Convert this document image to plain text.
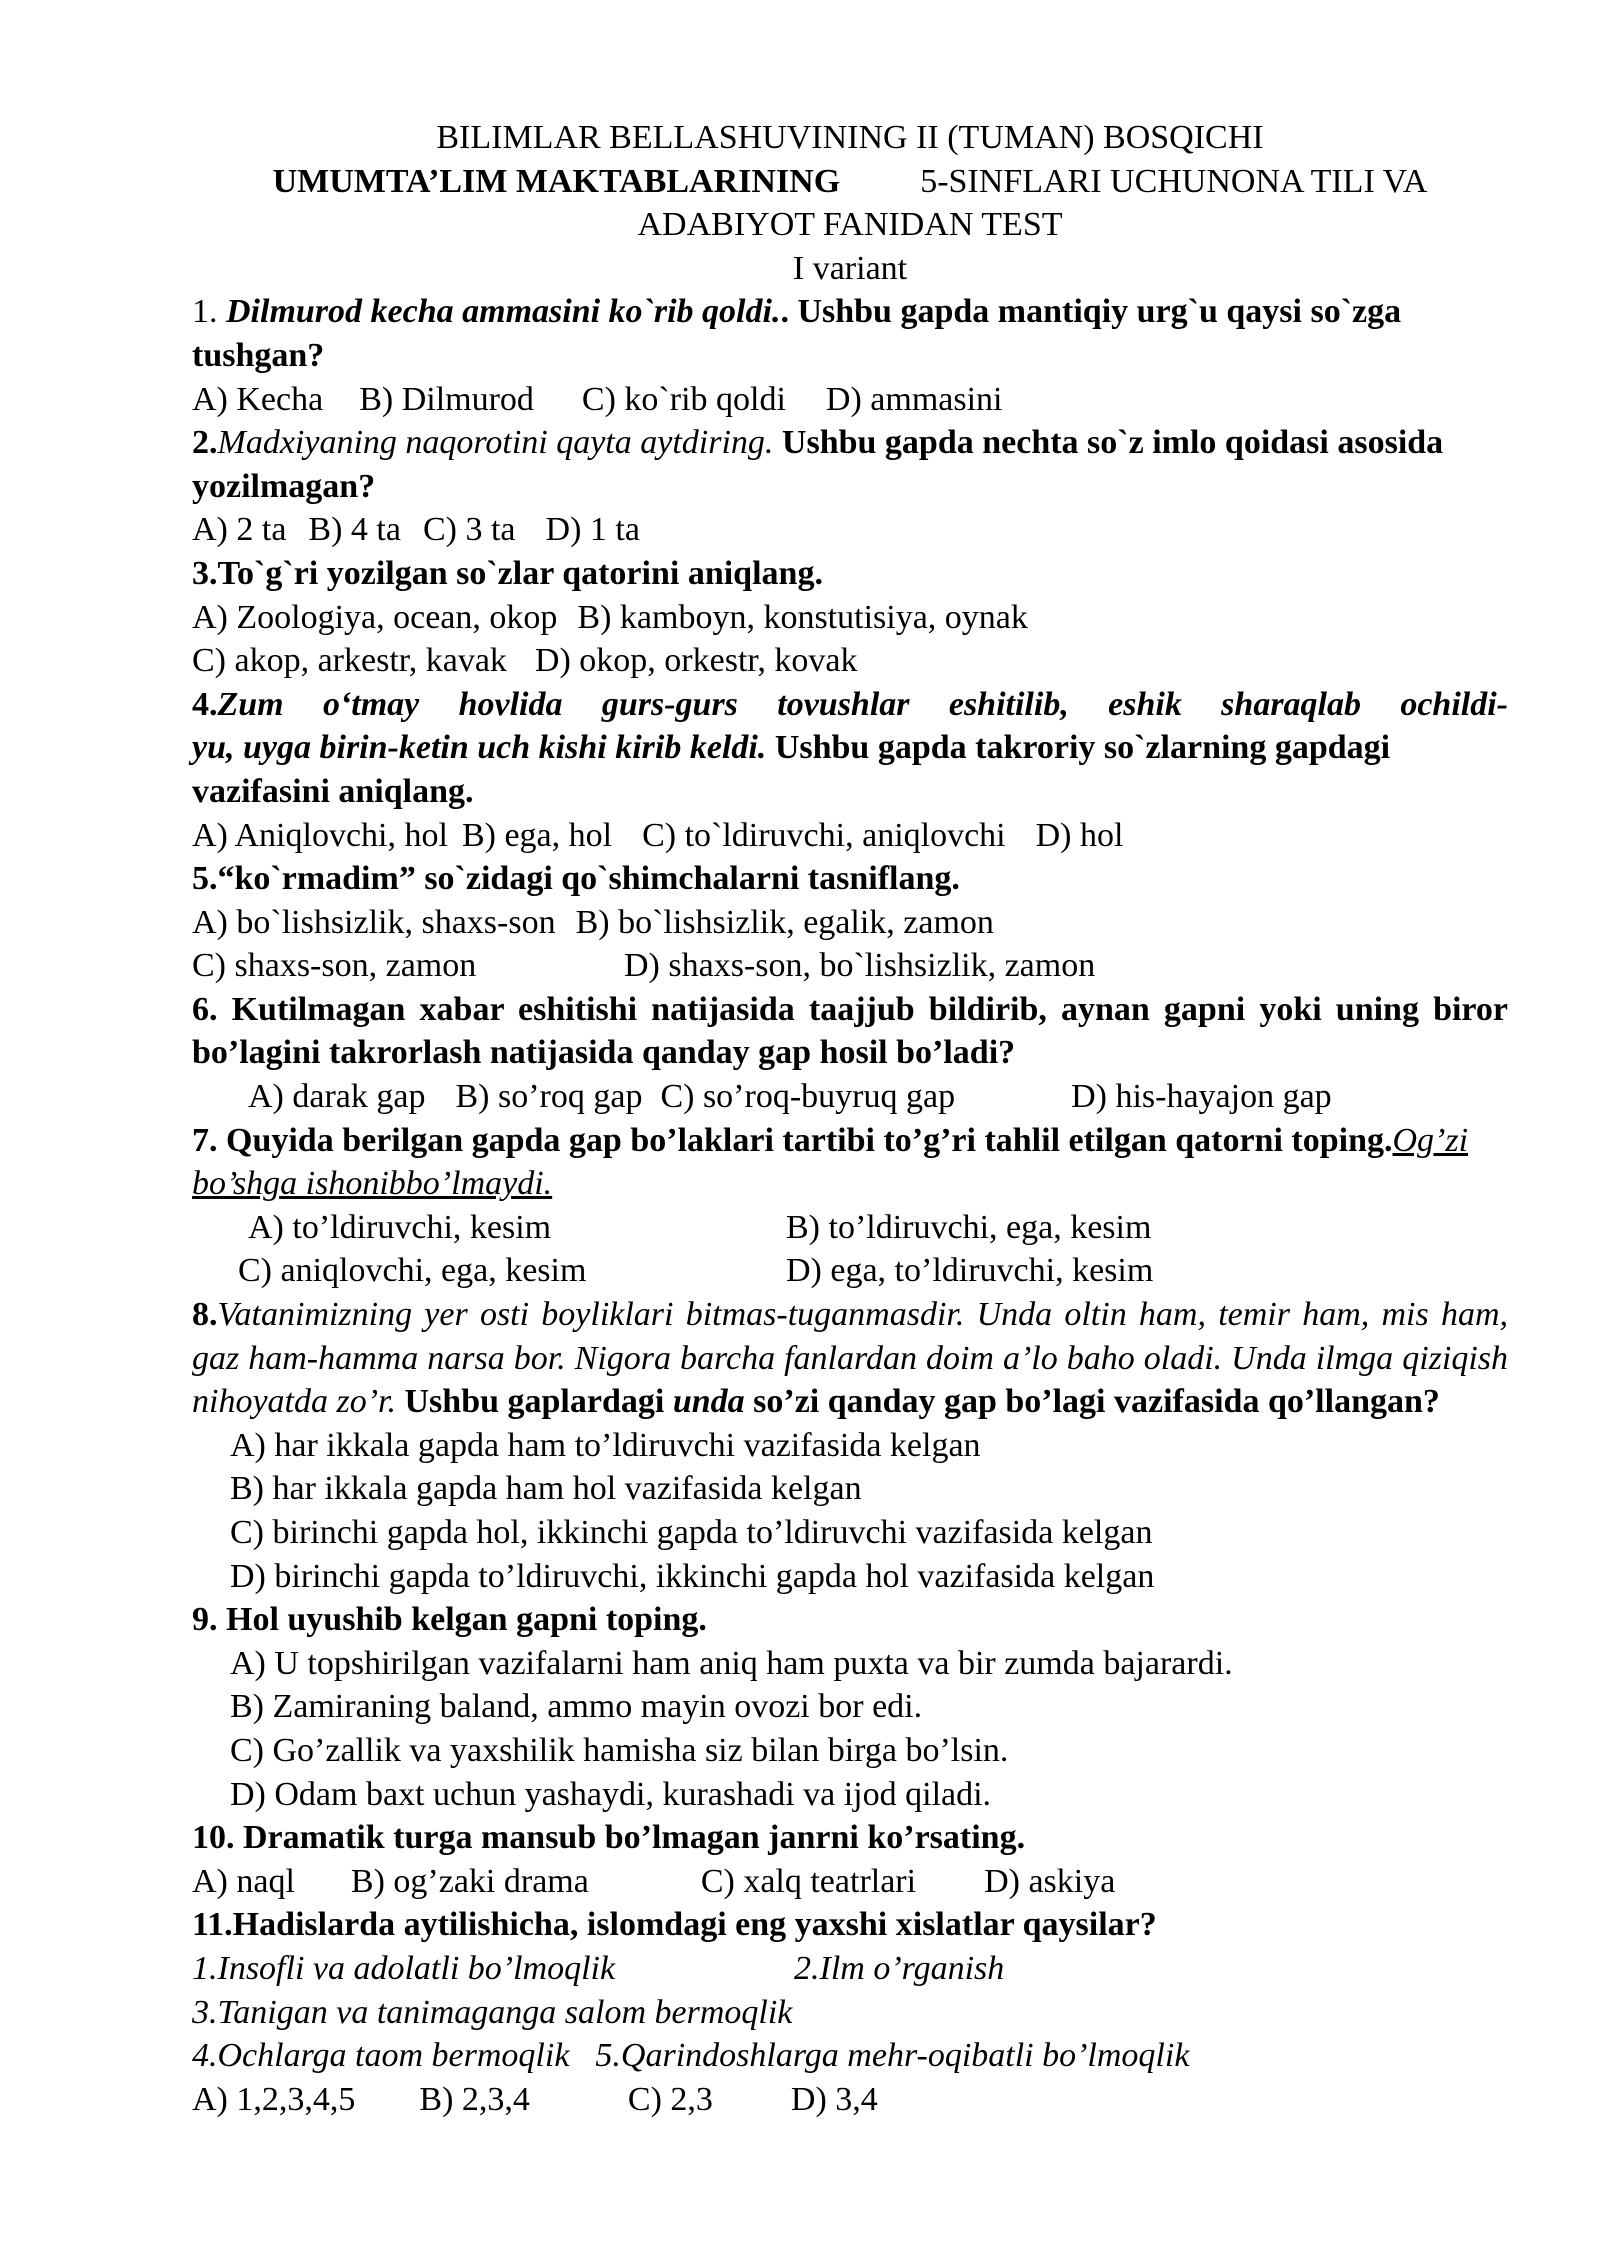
BILIMLAR BELLASHUVINING II (TUMAN) BOSQICHI
UMUMTA’LIM MAKTABLARINING 5-SINFLARI UCHUNONA TILI VA
ADABIYOT FANIDAN TEST
I variant
1. Dilmurod kecha ammasini ko`rib qoldi.. Ushbu gapda mantiqiy urg`u qaysi so`zga tushgan?
A) Kecha B) Dilmurod C) ko`rib qoldi D) ammasini
2.Madxiyaning naqorotini qayta aytdiring. Ushbu gapda nechta so`z imlo qoidasi asosida yozilmagan?
A) 2 ta B) 4 ta C) 3 ta D) 1 ta
3.To`g`ri yozilgan so`zlar qatorini aniqlang.
A) Zoologiya, ocean, okop B) kamboyn, konstutisiya, oynak
C) akop, arkestr, kavak D) okop, orkestr, kovak
4.Zum o‘tmay hovlida gurs-gurs tovushlar eshitilib, eshik sharaqlab ochildi-
yu, uyga birin-ketin uch kishi kirib keldi. Ushbu gapda takroriy so`zlarning gapdagi vazifasini aniqlang.
A) Aniqlovchi, hol B) ega, hol C) to`ldiruvchi, aniqlovchi D) hol
5.“ko`rmadim” so`zidagi qo`shimchalarni tasniflang.
A) bo`lishsizlik, shaxs-son B) bo`lishsizlik, egalik, zamon
C) shaxs-son, zamon	D) shaxs-son, bo`lishsizlik, zamon
6. Kutilmagan xabar eshitishi natijasida taajjub bildirib, aynan gapni yoki uning biror bo’lagini takrorlash natijasida qanday gap hosil bo’ladi?
A) darak gap B) so’roq gap C) so’roq-buyruq gap	D) his-hayajon gap
7. Quyida berilgan gapda gap bo’laklari tartibi to’g’ri tahlil etilgan qatorni toping.Og’zi bo’shga ishonibbo’lmaydi.
A) to’ldiruvchi, kesim	B) to’ldiruvchi, ega, kesim
C) aniqlovchi, ega, kesim	D) ega, to’ldiruvchi, kesim
8.Vatanimizning yer osti boyliklari bitmas-tuganmasdir. Unda oltin ham, temir ham, mis ham, gaz ham-hamma narsa bor. Nigora barcha fanlardan doim a’lo baho oladi. Unda ilmga qiziqish nihoyatda zo’r. Ushbu gaplardagi unda so’zi qanday gap bo’lagi vazifasida qo’llangan?
A) har ikkala gapda ham to’ldiruvchi vazifasida kelgan
B) har ikkala gapda ham hol vazifasida kelgan
C) birinchi gapda hol, ikkinchi gapda to’ldiruvchi vazifasida kelgan
D) birinchi gapda to’ldiruvchi, ikkinchi gapda hol vazifasida kelgan
9. Hol uyushib kelgan gapni toping.
A) U topshirilgan vazifalarni ham aniq ham puxta va bir zumda bajarardi.
B) Zamiraning baland, ammo mayin ovozi bor edi.
C) Go’zallik va yaxshilik hamisha siz bilan birga bo’lsin.
D) Odam baxt uchun yashaydi, kurashadi va ijod qiladi.
10. Dramatik turga mansub bo’lmagan janrni ko’rsating.
A) naql B) og’zaki drama	C) xalq teatrlari D) askiya
11.Hadislarda aytilishicha, islomdagi eng yaxshi xislatlar qaysilar?
1.Insofli va adolatli bo’lmoqlik	2.Ilm o’rganish
3.Tanigan va tanimaganga salom bermoqlik
4.Ochlarga taom bermoqlik 5.Qarindoshlarga mehr-oqibatli bo’lmoqlik
A) 1,2,3,4,5 B) 2,3,4	C) 2,3 D) 3,4
